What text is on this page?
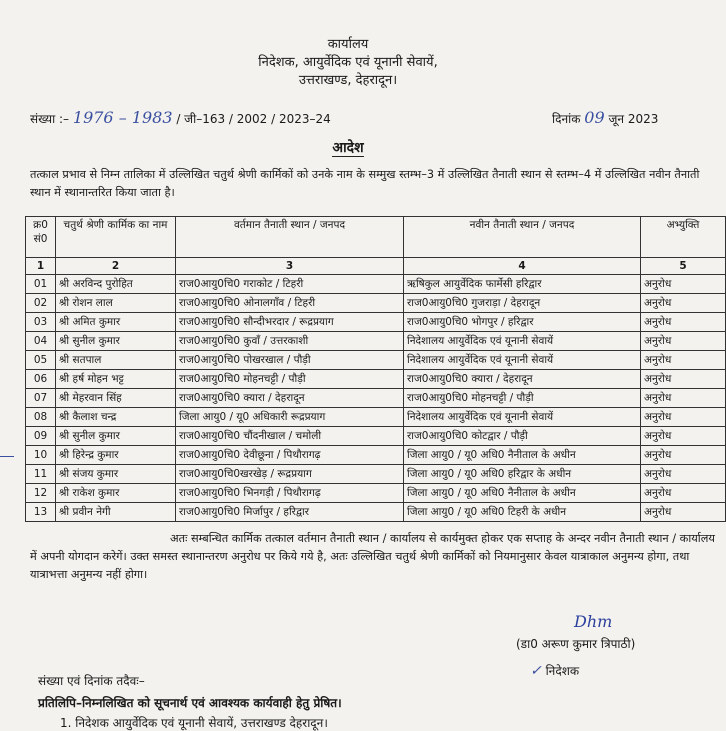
कार्यालय
निदेशक, आयुर्वेदिक एवं यूनानी सेवायें,
उत्तराखण्ड, देहरादून।
संख्या :– 1976 – 1983 / जी–163 / 2002 / 2023–24	दिनांक 09 जून 2023
आदेश
तत्काल प्रभाव से निम्न तालिका में उल्लिखित चतुर्थ श्रेणी कार्मिकों को उनके नाम के सम्मुख स्तम्भ–3 में उल्लिखित तैनाती स्थान से स्तम्भ–4 में उल्लिखित नवीन तैनाती स्थान में स्थानान्तरित किया जाता है।
क्र0 सं0	चतुर्थ श्रेणी कार्मिक का नाम	वर्तमान तैनाती स्थान / जनपद	नवीन तैनाती स्थान / जनपद	अभ्युक्ति
1	2	3	4	5
01	श्री अरविन्द पुरोहित	राज0आयु0चि0 गराकोट / टिहरी	ऋषिकुल आयुर्वेदिक फार्मेसी हरिद्वार	अनुरोध
02	श्री रोशन लाल	राज0आयु0चि0 ओनालगाँव / टिहरी	राज0आयु0चि0 गुजराड़ा / देहरादून	अनुरोध
03	श्री अमित कुमार	राज0आयु0चि0 सौन्दीभरदार / रूद्रप्रयाग	राज0आयु0चि0 भोगपुर / हरिद्वार	अनुरोध
04	श्री सुनील कुमार	राज0आयु0चि0 कुवाँ / उत्तरकाशी	निदेशालय आयुर्वेदिक एवं यूनानी सेवायें	अनुरोध
05	श्री सतपाल	राज0आयु0चि0 पोखरखाल / पौड़ी	निदेशालय आयुर्वेदिक एवं यूनानी सेवायें	अनुरोध
06	श्री हर्ष मोहन भट्ट	राज0आयु0चि0 मोहनचट्टी / पौड़ी	राज0आयु0चि0 क्यारा / देहरादून	अनुरोध
07	श्री मेहरवान सिंह	राज0आयु0चि0 क्यारा / देहरादून	राज0आयु0चि0 मोहनचट्टी / पौड़ी	अनुरोध
08	श्री कैलाश चन्द्र	जिला आयु0 / यू0 अधिकारी रूद्रप्रयाग	निदेशालय आयुर्वेदिक एवं यूनानी सेवायें	अनुरोध
09	श्री सुनील कुमार	राज0आयु0चि0 चौंदनीखाल / चमोली	राज0आयु0चि0 कोटद्वार / पौड़ी	अनुरोध
10	श्री हिरेन्द्र कुमार	राज0आयु0चि0 देवीछूना / पिथौरागढ़	जिला आयु0 / यू0 अधि0 नैनीताल के अधीन	अनुरोध
11	श्री संजय कुमार	राज0आयु0चि0खरखेड़ / रूद्रप्रयाग	जिला आयु0 / यू0 अधि0 हरिद्वार के अधीन	अनुरोध
12	श्री राकेश कुमार	राज0आयु0चि0 भिनगड़ी / पिथौरागढ़	जिला आयु0 / यू0 अधि0 नैनीताल के अधीन	अनुरोध
13	श्री प्रवीन नेगी	राज0आयु0चि0 मिर्जापुर / हरिद्वार	जिला आयु0 / यू0 अधि0 टिहरी के अधीन	अनुरोध
अतः सम्बन्धित कार्मिक तत्काल वर्तमान तैनाती स्थान / कार्यालय से कार्यमुक्त होकर एक सप्ताह के अन्दर नवीन तैनाती स्थान / कार्यालय में अपनी योगदान करेगें। उक्त समस्त स्थानान्तरण अनुरोध पर किये गये है, अतः उल्लिखित चतुर्थ श्रेणी कार्मिकों को नियमानुसार केवल यात्राकाल अनुमन्य होगा, तथा यात्राभत्ता अनुमन्य नहीं होगा।
Dhm
(डा0 अरूण कुमार त्रिपाठी)
✓ निदेशक
संख्या एवं दिनांक तदैवः–
प्रतिलिपि–निम्नलिखित को सूचनार्थ एवं आवश्यक कार्यवाही हेतु प्रेषित।
1. निदेशक आयुर्वेदिक एवं यूनानी सेवायें, उत्तराखण्ड देहरादून।
